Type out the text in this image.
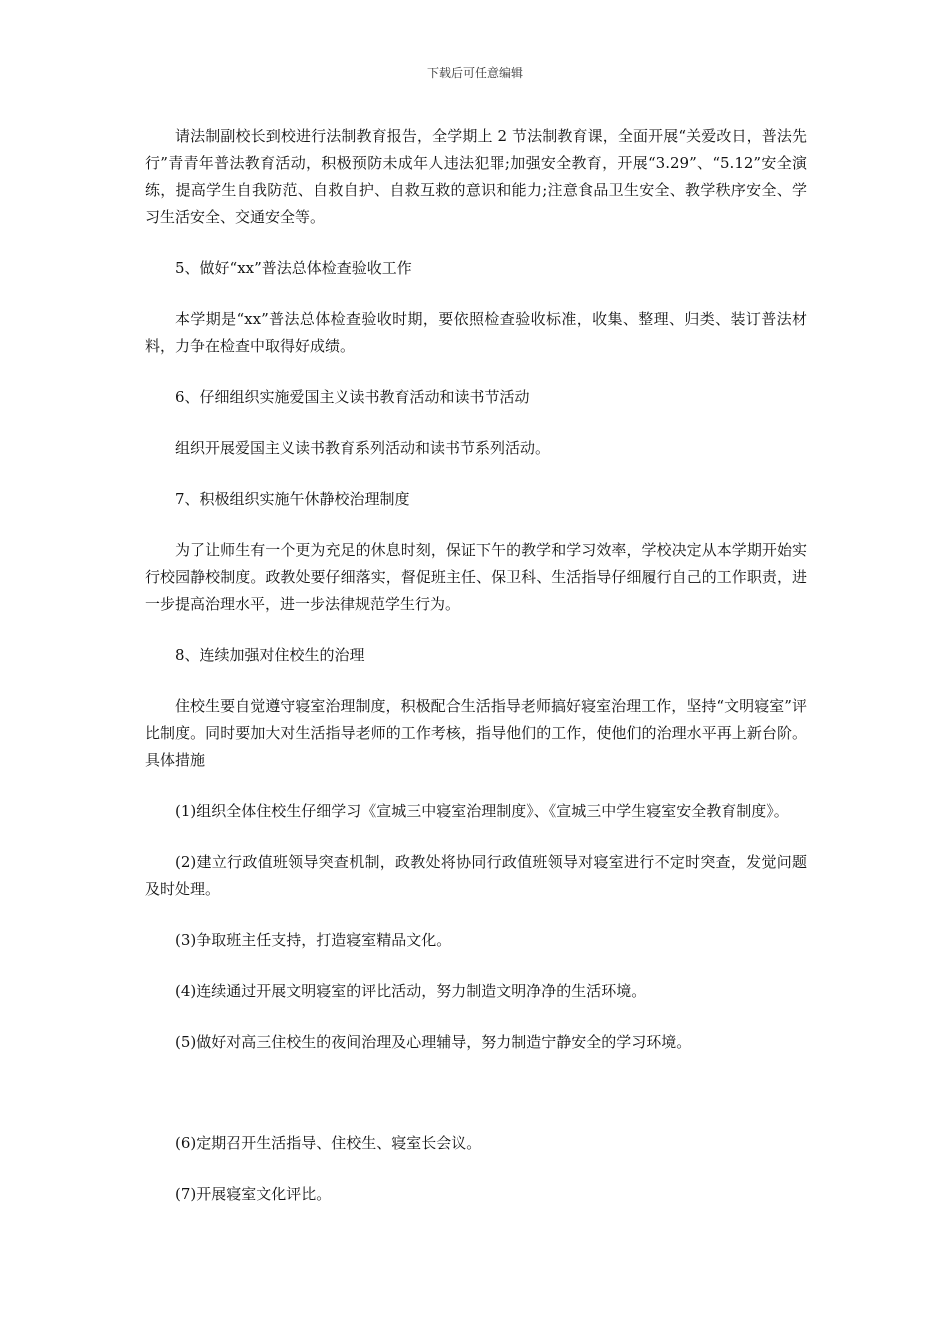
下载后可任意编辑

请法制副校长到校进行法制教育报告，全学期上 2 节法制教育课，全面开展“关爱改日，普法先行”青青年普法教育活动，积极预防未成年人违法犯罪;加强安全教育，开展“3.29”、“5.12”安全演练，提高学生自我防范、自救自护、自救互救的意识和能力;注意食品卫生安全、教学秩序安全、学习生活安全、交通安全等。

5、做好“xx”普法总体检查验收工作

本学期是“xx”普法总体检查验收时期，要依照检查验收标准，收集、整理、归类、装订普法材料，力争在检查中取得好成绩。

6、仔细组织实施爱国主义读书教育活动和读书节活动

组织开展爱国主义读书教育系列活动和读书节系列活动。

7、积极组织实施午休静校治理制度

为了让师生有一个更为充足的休息时刻，保证下午的教学和学习效率，学校决定从本学期开始实行校园静校制度。政教处要仔细落实，督促班主任、保卫科、生活指导仔细履行自己的工作职责，进一步提高治理水平，进一步法律规范学生行为。

8、连续加强对住校生的治理

住校生要自觉遵守寝室治理制度，积极配合生活指导老师搞好寝室治理工作，坚持“文明寝室”评比制度。同时要加大对生活指导老师的工作考核，指导他们的工作，使他们的治理水平再上新台阶。具体措施

(1)组织全体住校生仔细学习《宣城三中寝室治理制度》、《宣城三中学生寝室安全教育制度》。

(2)建立行政值班领导突查机制，政教处将协同行政值班领导对寝室进行不定时突查，发觉问题及时处理。

(3)争取班主任支持，打造寝室精品文化。

(4)连续通过开展文明寝室的评比活动，努力制造文明净净的生活环境。

(5)做好对高三住校生的夜间治理及心理辅导，努力制造宁静安全的学习环境。

(6)定期召开生活指导、住校生、寝室长会议。

(7)开展寝室文化评比。
